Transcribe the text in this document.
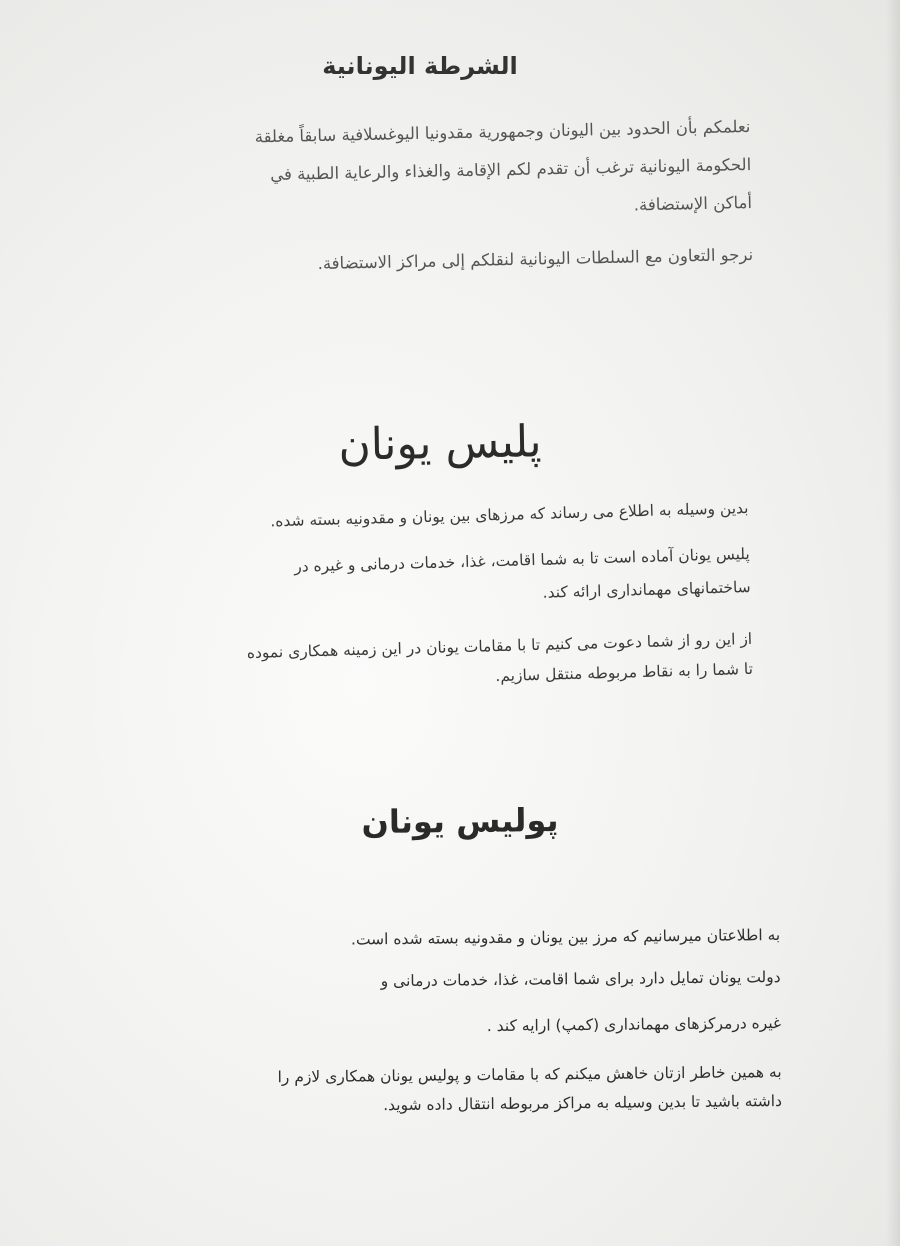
الشرطة اليونانية
نعلمكم بأن الحدود بين اليونان وجمهورية مقدونيا اليوغسلافية سابقاً مغلقة
الحكومة اليونانية ترغب أن تقدم لكم الإقامة والغذاء والرعاية الطبية في
أماكن الإستضافة.
نرجو التعاون مع السلطات اليونانية لنقلكم إلى مراكز الاستضافة.
پلیس یونان
بدین وسیله به اطلاع می رساند که مرزهای بین یونان و مقدونیه بسته شده.
پلیس یونان آماده است تا به شما اقامت، غذا، خدمات درمانی و غیره در
ساختمانهای مهمانداری ارائه کند.
از این رو از شما دعوت می کنیم تا با مقامات یونان در این زمینه همکاری نموده
تا شما را به نقاط مربوطه منتقل سازیم.
پولیس یونان
به اطلاعتان میرسانیم که مرز بین یونان و مقدونیه بسته شده است.
دولت یونان تمایل دارد برای شما اقامت، غذا، خدمات درمانی و
غیره درمرکزهای مهمانداری (کمپ) ارایه کند .
به همین خاطر ازتان خاهش میکنم که با مقامات و پولیس یونان همکاری لازم را
داشته باشید تا بدین وسیله به مراکز مربوطه انتقال داده شوید.
